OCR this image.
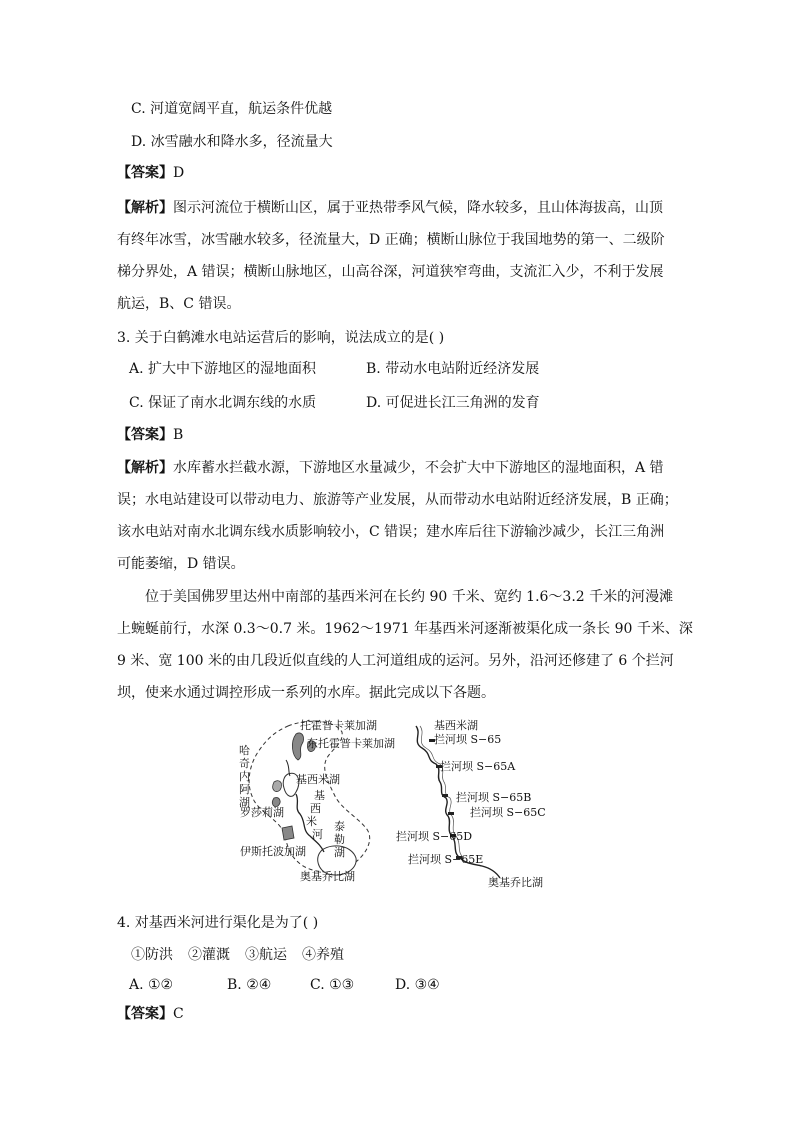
C. 河道宽阔平直，航运条件优越
D. 冰雪融水和降水多，径流量大
【答案】D
【解析】图示河流位于横断山区，属于亚热带季风气候，降水较多，且山体海拔高，山顶
有终年冰雪，冰雪融水较多，径流量大，D 正确；横断山脉位于我国地势的第一、二级阶
梯分界处，A 错误；横断山脉地区，山高谷深，河道狭窄弯曲，支流汇入少，不利于发展
航运，B、C 错误。
3. 关于白鹤滩水电站运营后的影响，说法成立的是( )
A. 扩大中下游地区的湿地面积	B. 带动水电站附近经济发展
C. 保证了南水北调东线的水质	D. 可促进长江三角洲的发育
【答案】B
【解析】水库蓄水拦截水源，下游地区水量减少，不会扩大中下游地区的湿地面积，A 错
误；水电站建设可以带动电力、旅游等产业发展，从而带动水电站附近经济发展，B 正确；
该水电站对南水北调东线水质影响较小，C 错误；建水库后往下游输沙减少，长江三角洲
可能萎缩，D 错误。
位于美国佛罗里达州中南部的基西米河在长约 90 千米、宽约 1.6～3.2 千米的河漫滩
上蜿蜒前行，水深 0.3～0.7 米。1962～1971 年基西米河逐渐被渠化成一条长 90 千米、深
9 米、宽 100 米的由几段近似直线的人工河道组成的运河。另外，沿河还修建了 6 个拦河
坝，使来水通过调控形成一系列的水库。据此完成以下各题。
托霍普卡莱加湖
东托霍普卡莱加湖
哈
奇
内
阿
湖
基西米湖
基
西
米
河
罗莎莉湖
泰
勒
湖
伊斯托波加湖
奥基乔比湖
基西米湖
拦河坝 S−65
拦河坝 S−65A
拦河坝 S−65B
拦河坝 S−65C
拦河坝 S−65D
拦河坝 S−65E
奥基乔比湖
4. 对基西米河进行渠化是为了( )
①防洪 ②灌溉 ③航运 ④养殖
A. ①②	B. ②④	C. ①③	D. ③④
【答案】C
